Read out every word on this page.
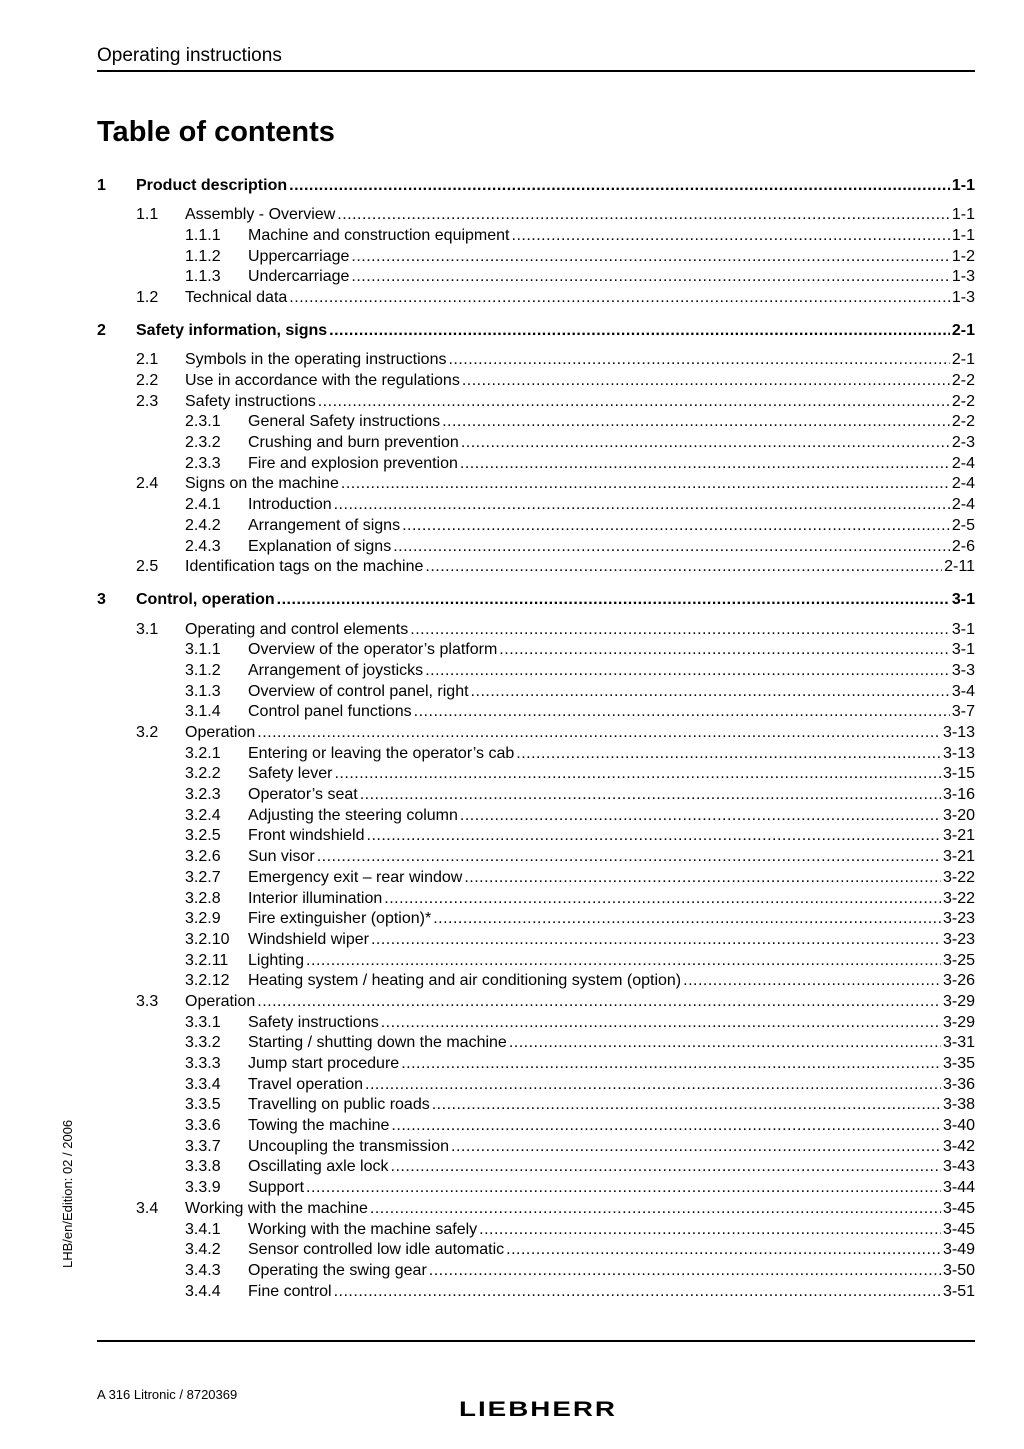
Operating instructions
Table of contents
1	Product description .....	1-1
1.1	Assembly - Overview .....	1-1
1.1.1	Machine and construction equipment .....	1-1
1.1.2	Uppercarriage .....	1-2
1.1.3	Undercarriage .....	1-3
1.2	Technical data .....	1-3
2	Safety information, signs .....	2-1
2.1	Symbols in the operating instructions .....	2-1
2.2	Use in accordance with the regulations .....	2-2
2.3	Safety instructions .....	2-2
2.3.1	General Safety instructions .....	2-2
2.3.2	Crushing and burn prevention .....	2-3
2.3.3	Fire and explosion prevention .....	2-4
2.4	Signs on the machine .....	2-4
2.4.1	Introduction .....	2-4
2.4.2	Arrangement of signs .....	2-5
2.4.3	Explanation of signs .....	2-6
2.5	Identification tags on the machine .....	2-11
3	Control, operation .....	3-1
3.1	Operating and control elements .....	3-1
3.1.1	Overview of the operator’s platform .....	3-1
3.1.2	Arrangement of joysticks .....	3-3
3.1.3	Overview of control panel, right .....	3-4
3.1.4	Control panel functions .....	3-7
3.2	Operation .....	3-13
3.2.1	Entering or leaving the operator’s cab .....	3-13
3.2.2	Safety lever .....	3-15
3.2.3	Operator’s seat .....	3-16
3.2.4	Adjusting the steering column .....	3-20
3.2.5	Front windshield .....	3-21
3.2.6	Sun visor .....	3-21
3.2.7	Emergency exit – rear window .....	3-22
3.2.8	Interior illumination .....	3-22
3.2.9	Fire extinguisher (option)* .....	3-23
3.2.10	Windshield wiper .....	3-23
3.2.11	Lighting .....	3-25
3.2.12	Heating system / heating and air conditioning system (option) .....	3-26
3.3	Operation .....	3-29
3.3.1	Safety instructions .....	3-29
3.3.2	Starting / shutting down the machine .....	3-31
3.3.3	Jump start procedure .....	3-35
3.3.4	Travel operation .....	3-36
3.3.5	Travelling on public roads .....	3-38
3.3.6	Towing the machine .....	3-40
3.3.7	Uncoupling the transmission .....	3-42
3.3.8	Oscillating axle lock .....	3-43
3.3.9	Support .....	3-44
3.4	Working with the machine .....	3-45
3.4.1	Working with the machine safely .....	3-45
3.4.2	Sensor controlled low idle automatic .....	3-49
3.4.3	Operating the swing gear .....	3-50
3.4.4	Fine control .....	3-51
LHB/en/Edition: 02 / 2006
A 316 Litronic / 8720369
LIEBHERR
